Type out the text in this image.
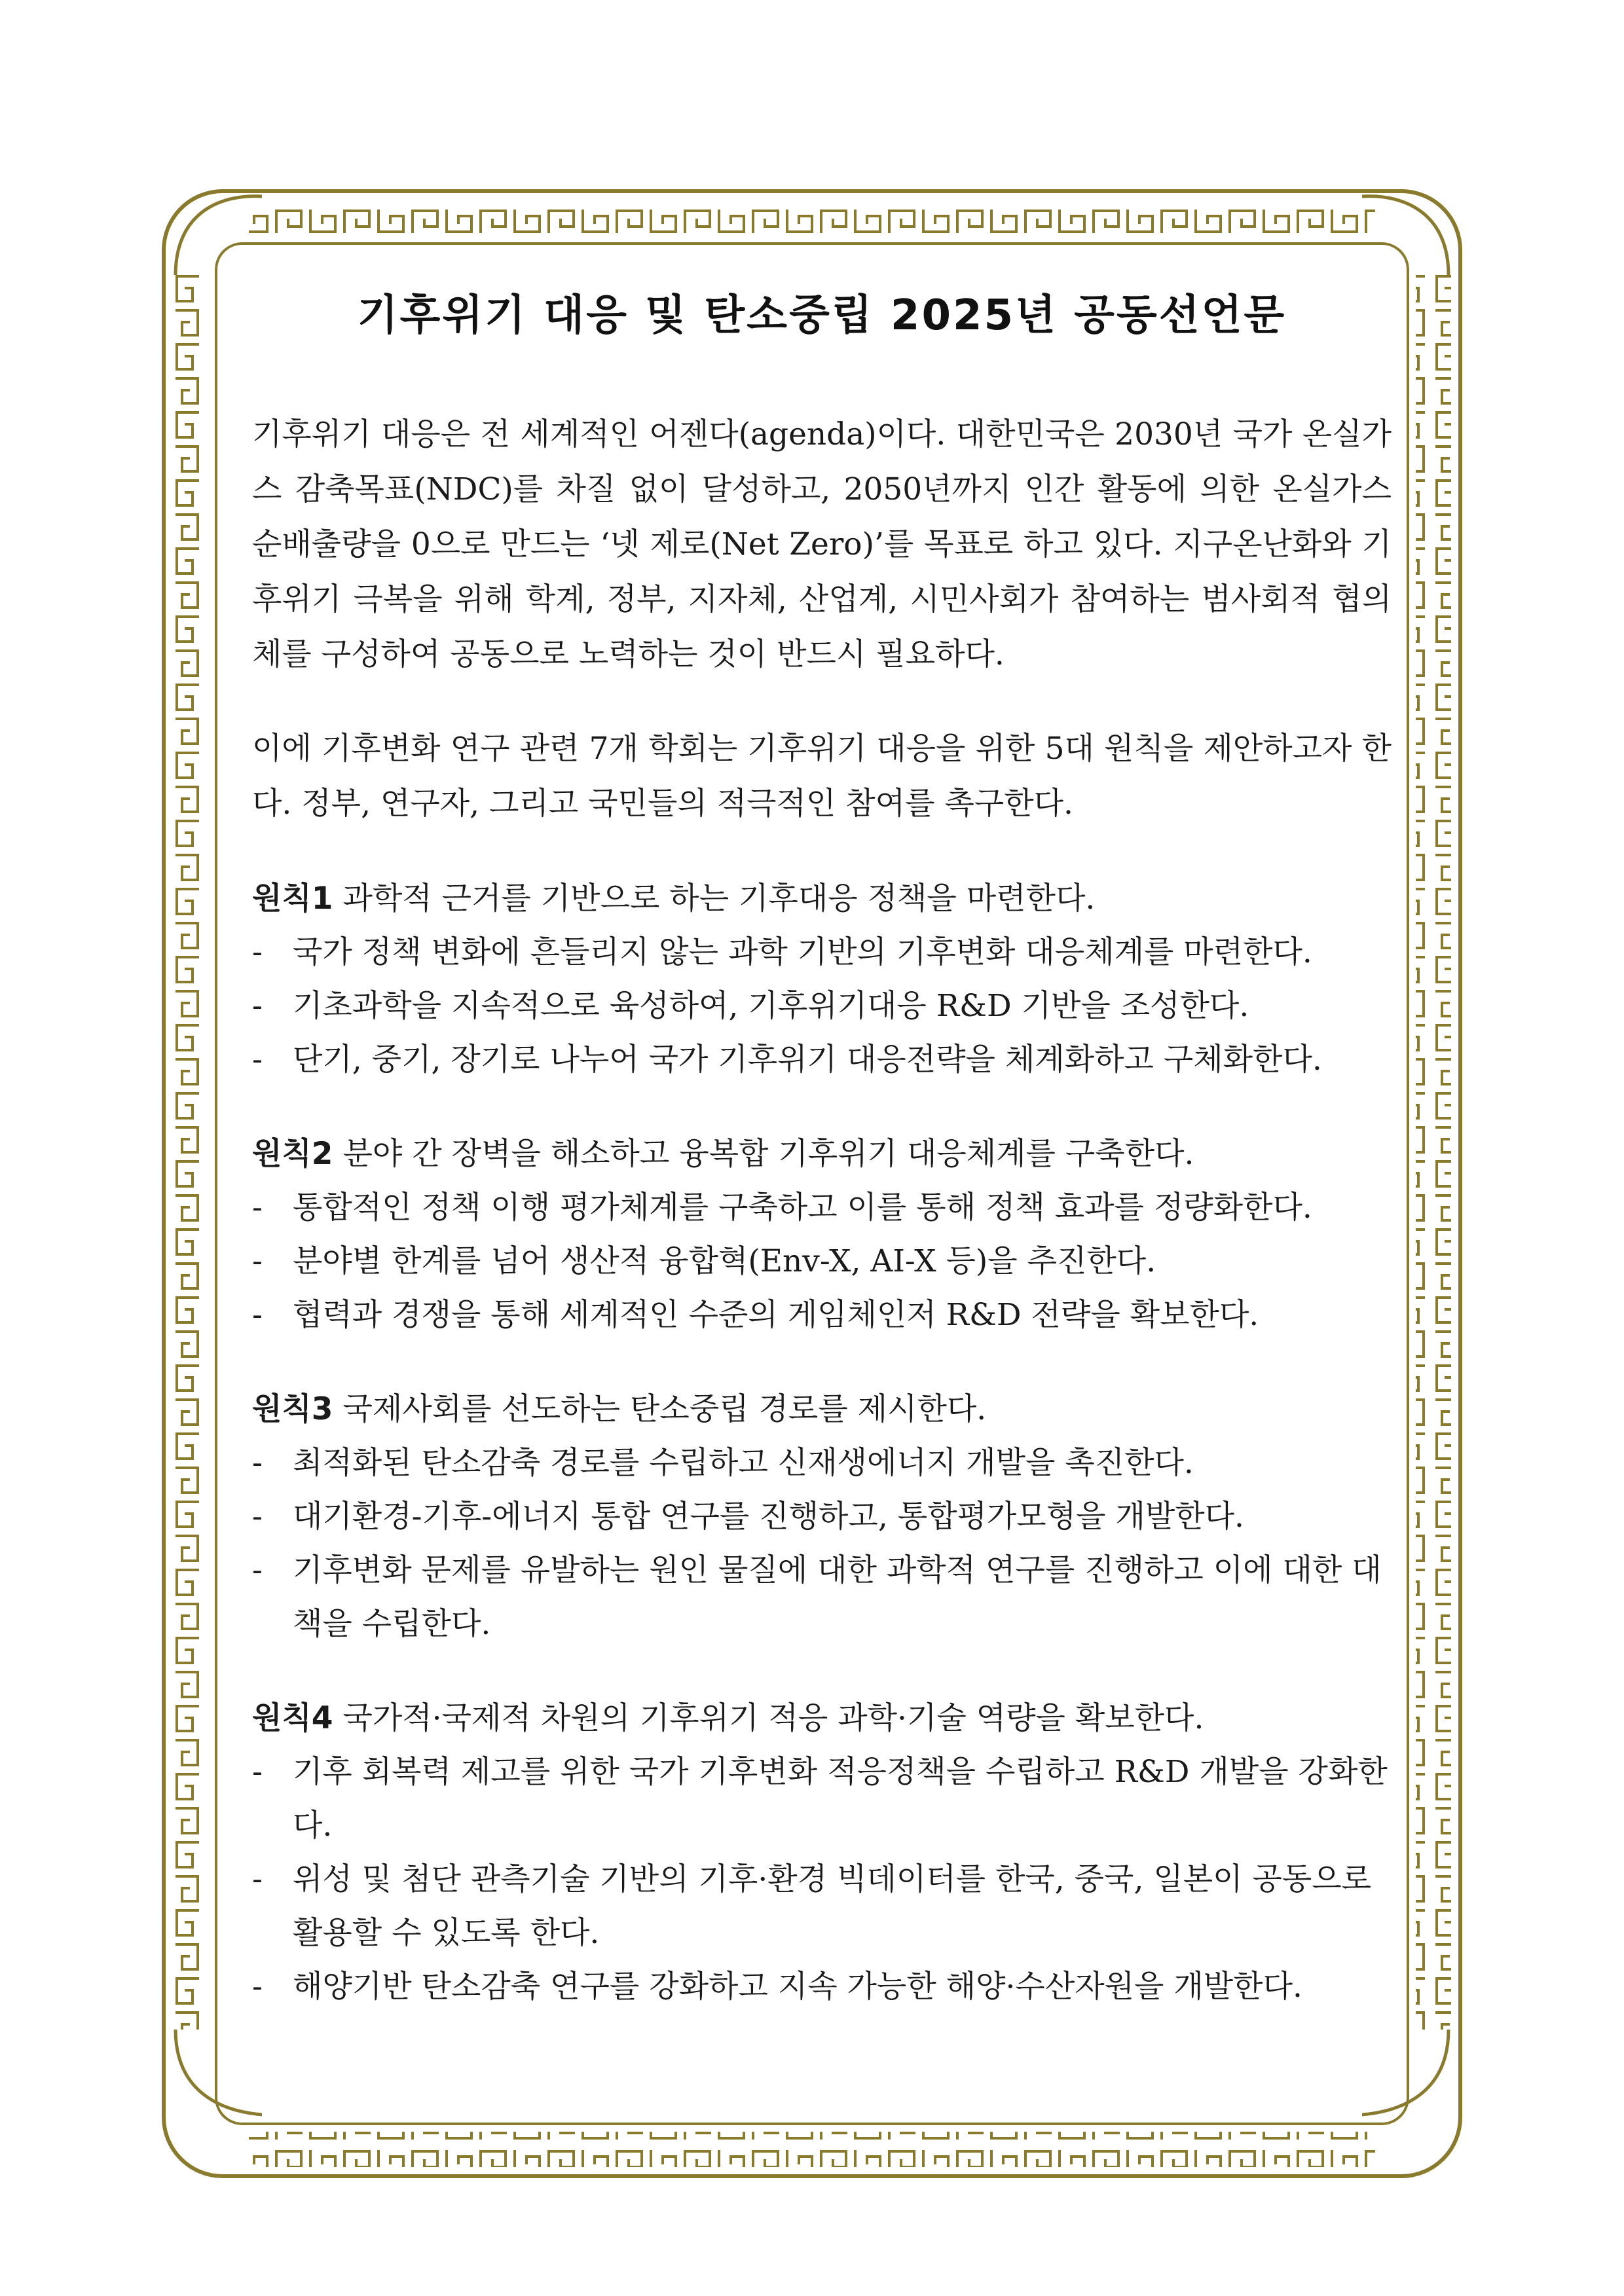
기후위기 대응 및 탄소중립 2025년 공동선언문

기후위기 대응은 전 세계적인 어젠다(agenda)이다. 대한민국은 2030년 국가 온실가스 감축목표(NDC)를 차질 없이 달성하고, 2050년까지 인간 활동에 의한 온실가스 순배출량을 0으로 만드는 ‘넷 제로(Net Zero)’를 목표로 하고 있다. 지구온난화와 기후위기 극복을 위해 학계, 정부, 지자체, 산업계, 시민사회가 참여하는 범사회적 협의체를 구성하여 공동으로 노력하는 것이 반드시 필요하다.

이에 기후변화 연구 관련 7개 학회는 기후위기 대응을 위한 5대 원칙을 제안하고자 한다. 정부, 연구자, 그리고 국민들의 적극적인 참여를 촉구한다.

원칙1 과학적 근거를 기반으로 하는 기후대응 정책을 마련한다.
- 국가 정책 변화에 흔들리지 않는 과학 기반의 기후변화 대응체계를 마련한다.
- 기초과학을 지속적으로 육성하여, 기후위기대응 R&D 기반을 조성한다.
- 단기, 중기, 장기로 나누어 국가 기후위기 대응전략을 체계화하고 구체화한다.
원칙2 분야 간 장벽을 해소하고 융복합 기후위기 대응체계를 구축한다.
- 통합적인 정책 이행 평가체계를 구축하고 이를 통해 정책 효과를 정량화한다.
- 분야별 한계를 넘어 생산적 융합혁(Env-X, AI-X 등)을 추진한다.
- 협력과 경쟁을 통해 세계적인 수준의 게임체인저 R&D 전략을 확보한다.
원칙3 국제사회를 선도하는 탄소중립 경로를 제시한다.
- 최적화된 탄소감축 경로를 수립하고 신재생에너지 개발을 촉진한다.
- 대기환경-기후-에너지 통합 연구를 진행하고, 통합평가모형을 개발한다.
- 기후변화 문제를 유발하는 원인 물질에 대한 과학적 연구를 진행하고 이에 대한 대책을 수립한다.
원칙4 국가적·국제적 차원의 기후위기 적응 과학·기술 역량을 확보한다.
- 기후 회복력 제고를 위한 국가 기후변화 적응정책을 수립하고 R&D 개발을 강화한다.
- 위성 및 첨단 관측기술 기반의 기후·환경 빅데이터를 한국, 중국, 일본이 공동으로 활용할 수 있도록 한다.
- 해양기반 탄소감축 연구를 강화하고 지속 가능한 해양·수산자원을 개발한다.
